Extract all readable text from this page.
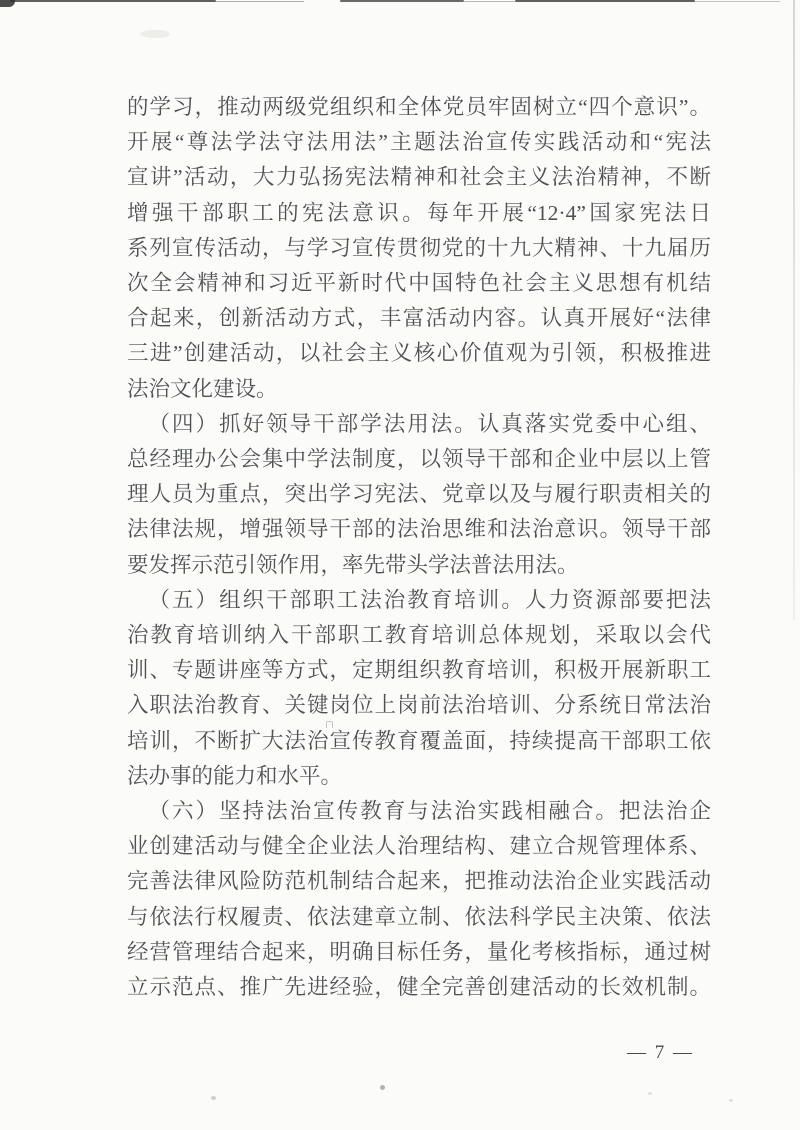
的学习，推动两级党组织和全体党员牢固树立“四个意识”。
开展“尊法学法守法用法”主题法治宣传实践活动和“宪法
宣讲”活动，大力弘扬宪法精神和社会主义法治精神，不断
增强干部职工的宪法意识。每年开展“12·4”国家宪法日
系列宣传活动，与学习宣传贯彻党的十九大精神、十九届历
次全会精神和习近平新时代中国特色社会主义思想有机结
合起来，创新活动方式，丰富活动内容。认真开展好“法律
三进”创建活动，以社会主义核心价值观为引领，积极推进
法治文化建设。
（四）抓好领导干部学法用法。认真落实党委中心组、
总经理办公会集中学法制度，以领导干部和企业中层以上管
理人员为重点，突出学习宪法、党章以及与履行职责相关的
法律法规，增强领导干部的法治思维和法治意识。领导干部
要发挥示范引领作用，率先带头学法普法用法。
（五）组织干部职工法治教育培训。人力资源部要把法
治教育培训纳入干部职工教育培训总体规划，采取以会代
训、专题讲座等方式，定期组织教育培训，积极开展新职工
入职法治教育、关键岗位上岗前法治培训、分系统日常法治
培训，不断扩大法治宣传教育覆盖面，持续提高干部职工依
法办事的能力和水平。
（六）坚持法治宣传教育与法治实践相融合。把法治企
业创建活动与健全企业法人治理结构、建立合规管理体系、
完善法律风险防范机制结合起来，把推动法治企业实践活动
与依法行权履责、依法建章立制、依法科学民主决策、依法
经营管理结合起来，明确目标任务，量化考核指标，通过树
立示范点、推广先进经验，健全完善创建活动的长效机制。
— 7 —
